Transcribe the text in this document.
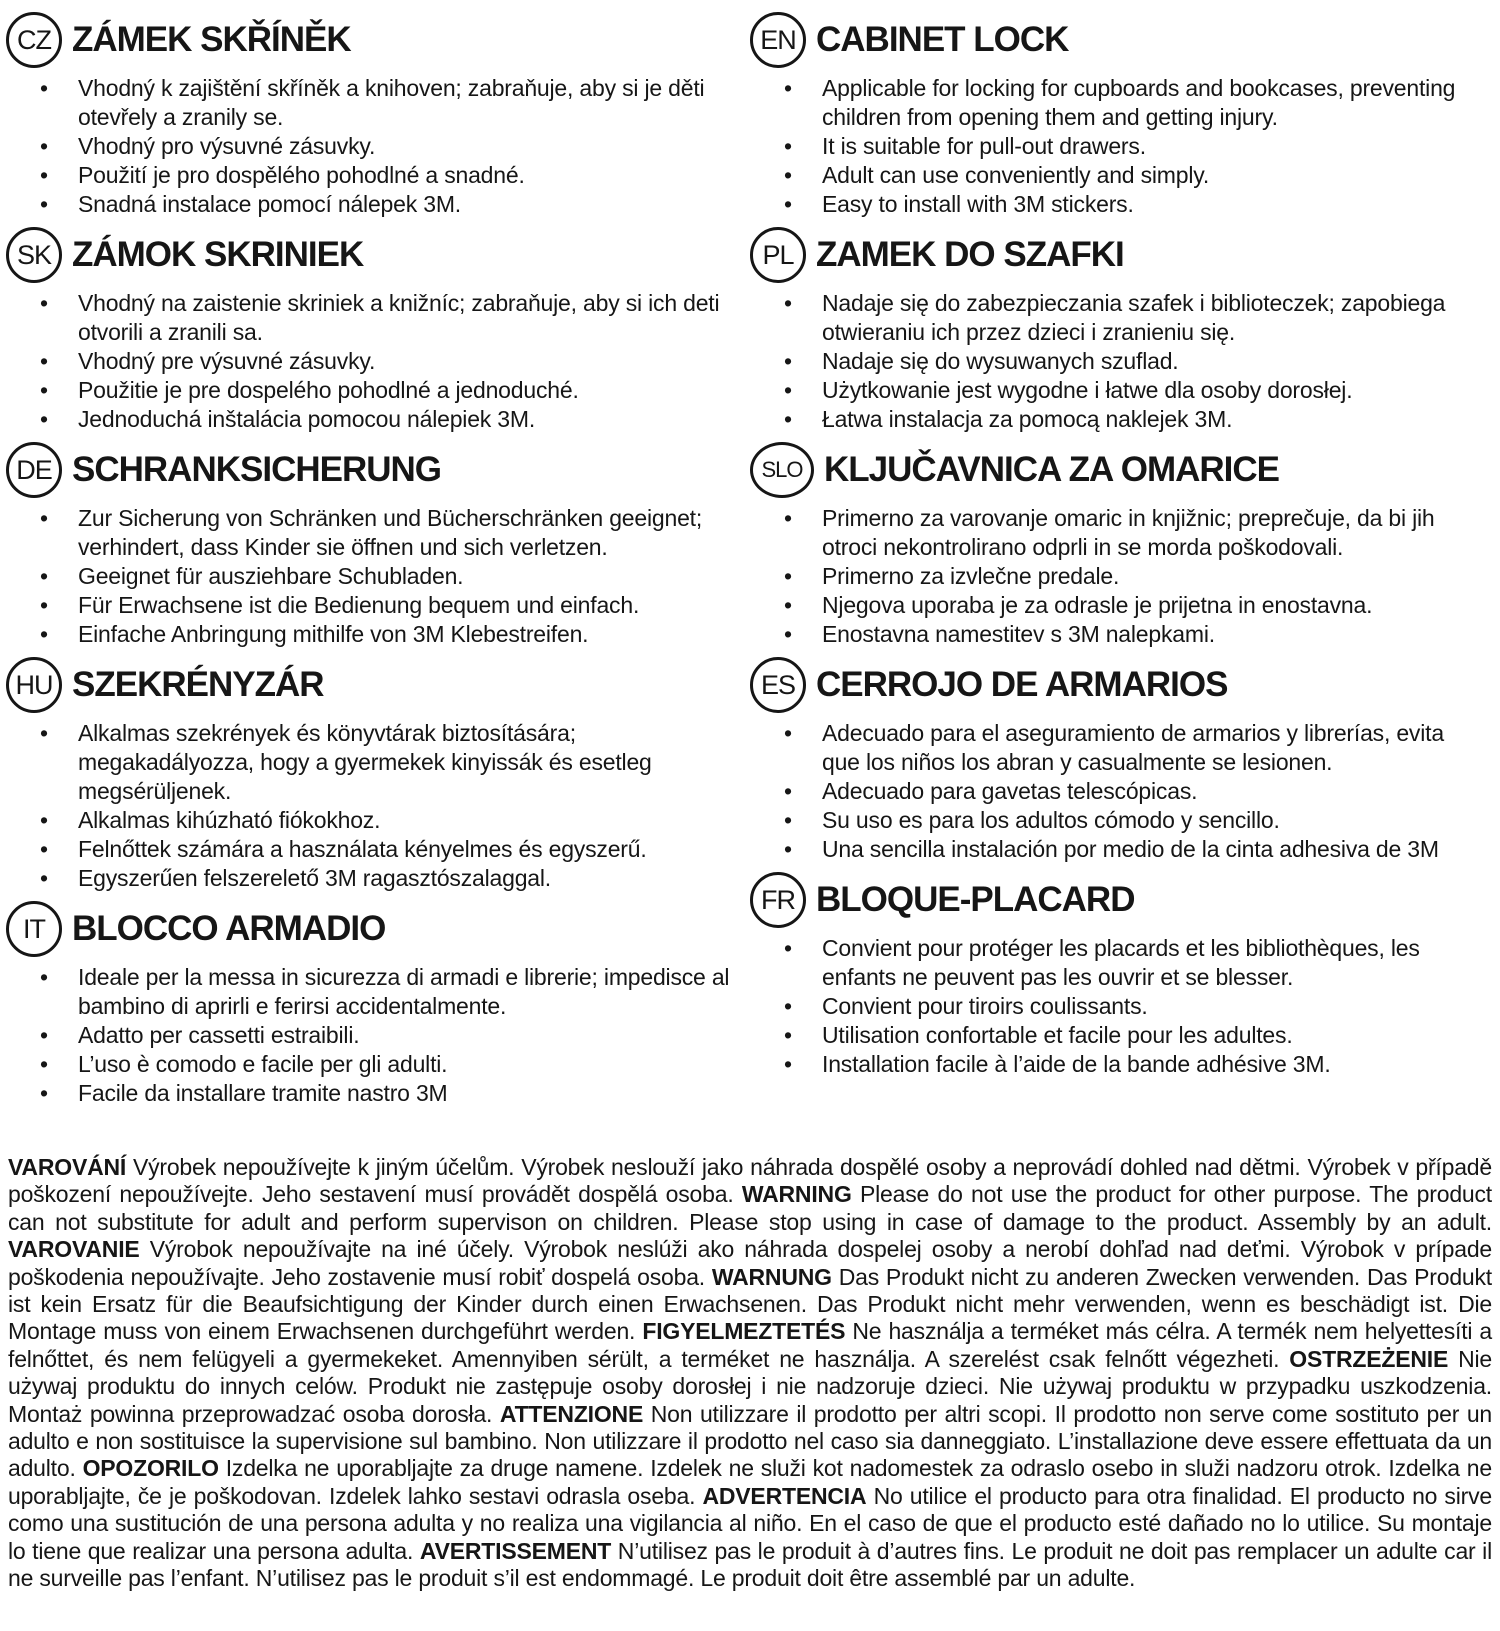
CZ ZÁMEK SKŘÍNĚK
• Vhodný k zajištění skříněk a knihoven; zabraňuje, aby si je děti otevřely a zranily se.
• Vhodný pro výsuvné zásuvky.
• Použití je pro dospělého pohodlné a snadné.
• Snadná instalace pomocí nálepek 3M.
SK ZÁMOK SKRINIEK
• Vhodný na zaistenie skriniek a knižníc; zabraňuje, aby si ich deti otvorili a zranili sa.
• Vhodný pre výsuvné zásuvky.
• Použitie je pre dospelého pohodlné a jednoduché.
• Jednoduchá inštalácia pomocou nálepiek 3M.
DE SCHRANKSICHERUNG
• Zur Sicherung von Schränken und Bücherschränken geeignet; verhindert, dass Kinder sie öffnen und sich verletzen.
• Geeignet für ausziehbare Schubladen.
• Für Erwachsene ist die Bedienung bequem und einfach.
• Einfache Anbringung mithilfe von 3M Klebestreifen.
HU SZEKRÉNYZÁR
• Alkalmas szekrények és könyvtárak biztosítására; megakadályozza, hogy a gyermekek kinyissák és esetleg megsérüljenek.
• Alkalmas kihúzható fiókokhoz.
• Felnőttek számára a használata kényelmes és egyszerű.
• Egyszerűen felszerelető 3M ragasztószalaggal.
IT BLOCCO ARMADIO
• Ideale per la messa in sicurezza di armadi e librerie; impedisce al bambino di aprirli e ferirsi accidentalmente.
• Adatto per cassetti estraibili.
• L’uso è comodo e facile per gli adulti.
• Facile da installare tramite nastro 3M
EN CABINET LOCK
• Applicable for locking for cupboards and bookcases, preventing children from opening them and getting injury.
• It is suitable for pull-out drawers.
• Adult can use conveniently and simply.
• Easy to install with 3M stickers.
PL ZAMEK DO SZAFKI
• Nadaje się do zabezpieczania szafek i biblioteczek; zapobiega otwieraniu ich przez dzieci i zranieniu się.
• Nadaje się do wysuwanych szuflad.
• Użytkowanie jest wygodne i łatwe dla osoby dorosłej.
• Łatwa instalacja za pomocą naklejek 3M.
SLO KLJUČAVNICA ZA OMARICE
• Primerno za varovanje omaric in knjižnic; preprečuje, da bi jih otroci nekontrolirano odprli in se morda poškodovali.
• Primerno za izvlečne predale.
• Njegova uporaba je za odrasle je prijetna in enostavna.
• Enostavna namestitev s 3M nalepkami.
ES CERROJO DE ARMARIOS
• Adecuado para el aseguramiento de armarios y librerías, evita que los niños los abran y casualmente se lesionen.
• Adecuado para gavetas telescópicas.
• Su uso es para los adultos cómodo y sencillo.
• Una sencilla instalación por medio de la cinta adhesiva de 3M
FR BLOQUE-PLACARD
• Convient pour protéger les placards et les bibliothèques, les enfants ne peuvent pas les ouvrir et se blesser.
• Convient pour tiroirs coulissants.
• Utilisation confortable et facile pour les adultes.
• Installation facile à l’aide de la bande adhésive 3M.

VAROVÁNÍ Výrobek nepoužívejte k jiným účelům. Výrobek neslouží jako náhrada dospělé osoby a neprovádí dohled nad dětmi. Výrobek v případě poškození nepoužívejte. Jeho sestavení musí provádět dospělá osoba. WARNING Please do not use the product for other purpose. The product can not substitute for adult and perform supervison on children. Please stop using in case of damage to the product. Assembly by an adult. VAROVANIE Výrobok nepoužívajte na iné účely. Výrobok neslúži ako náhrada dospelej osoby a nerobí dohľad nad deťmi. Výrobok v prípade poškodenia nepoužívajte. Jeho zostavenie musí robiť dospelá osoba. WARNUNG Das Produkt nicht zu anderen Zwecken verwenden. Das Produkt ist kein Ersatz für die Beaufsichtigung der Kinder durch einen Erwachsenen. Das Produkt nicht mehr verwenden, wenn es beschädigt ist. Die Montage muss von einem Erwachsenen durchgeführt werden. FIGYELMEZTETÉS Ne használja a terméket más célra. A termék nem helyettesíti a felnőttet, és nem felügyeli a gyermekeket. Amennyiben sérült, a terméket ne használja. A szerelést csak felnőtt végezheti. OSTRZEŻENIE Nie używaj produktu do innych celów. Produkt nie zastępuje osoby dorosłej i nie nadzoruje dzieci. Nie używaj produktu w przypadku uszkodzenia. Montaż powinna przeprowadzać osoba dorosła. ATTENZIONE Non utilizzare il prodotto per altri scopi. Il prodotto non serve come sostituto per un adulto e non sostituisce la supervisione sul bambino. Non utilizzare il prodotto nel caso sia danneggiato. L’installazione deve essere effettuata da un adulto. OPOZORILO Izdelka ne uporabljajte za druge namene. Izdelek ne služi kot nadomestek za odraslo osebo in služi nadzoru otrok. Izdelka ne uporabljajte, če je poškodovan. Izdelek lahko sestavi odrasla oseba. ADVERTENCIA No utilice el producto para otra finalidad. El producto no sirve como una sustitución de una persona adulta y no realiza una vigilancia al niño. En el caso de que el producto esté dañado no lo utilice. Su montaje lo tiene que realizar una persona adulta. AVERTISSEMENT N’utilisez pas le produit à d’autres fins. Le produit ne doit pas remplacer un adulte car il ne surveille pas l’enfant. N’utilisez pas le produit s’il est endommagé. Le produit doit être assemblé par un adulte.
